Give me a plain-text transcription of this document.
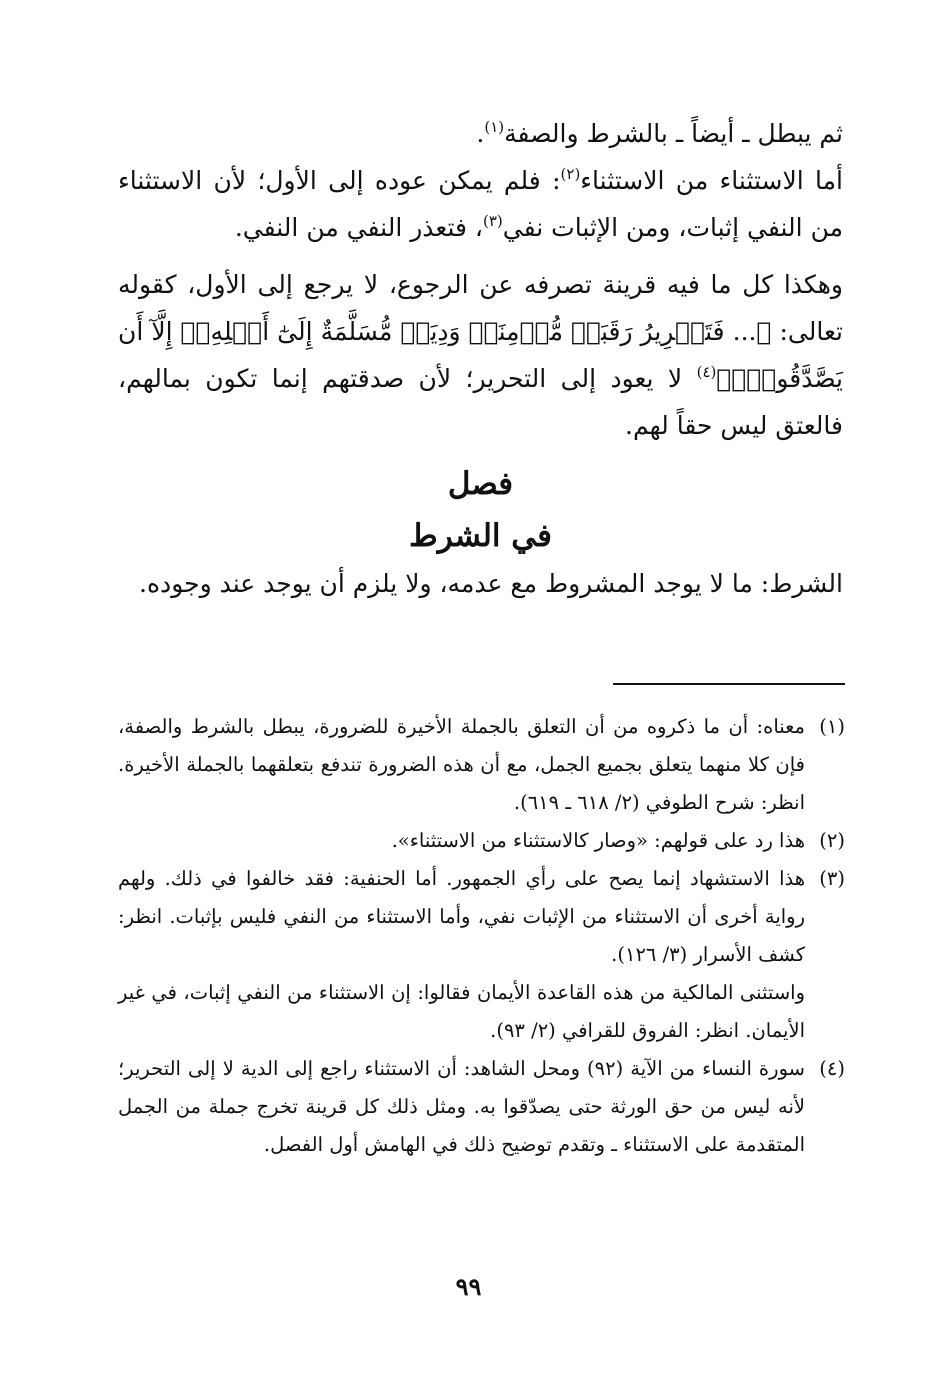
ثم يبطل ـ أيضاً ـ بالشرط والصفة$^{(١)}$.

أما الاستثناء من الاستثناء$^{(٢)}$: فلم يمكن عوده إلى الأول؛ لأن الاستثناء من النفي إثبات، ومن الإثبات نفي$^{(٣)}$، فتعذر النفي من النفي.

وهكذا كل ما فيه قرينة تصرفه عن الرجوع، لا يرجع إلى الأول، كقوله تعالى: ﴿... فَتَحۡرِيرُ رَقَبَةٖ مُّؤۡمِنَةٖ وَدِيَةٞ مُّسَلَّمَةٌ إِلَىٰٓ أَهۡلِهِۦٓ إِلَّآ أَن يَصَّدَّقُواْۚ﴾$^{(٤)}$ لا يعود إلى التحرير؛ لأن صدقتهم إنما تكون بمالهم، فالعتق ليس حقاً لهم.

فصل
في الشرط

الشرط: ما لا يوجد المشروط مع عدمه، ولا يلزم أن يوجد عند وجوده.

(١)
معناه: أن ما ذكروه من أن التعلق بالجملة الأخيرة للضرورة، يبطل بالشرط والصفة، فإن كلا منهما يتعلق بجميع الجمل، مع أن هذه الضرورة تندفع بتعلقهما بالجملة الأخيرة. انظر: شرح الطوفي (٢/ ٦١٨ ـ ٦١٩).
(٢)
هذا رد على قولهم: «وصار كالاستثناء من الاستثناء».
(٣)
هذا الاستشهاد إنما يصح على رأي الجمهور. أما الحنفية: فقد خالفوا في ذلك. ولهم رواية أخرى أن الاستثناء من الإثبات نفي، وأما الاستثناء من النفي فليس بإثبات. انظر: كشف الأسرار (٣/ ١٢٦).

واستثنى المالكية من هذه القاعدة الأيمان فقالوا: إن الاستثناء من النفي إثبات، في غير الأيمان. انظر: الفروق للقرافي (٢/ ٩٣).

(٤)
سورة النساء من الآية (٩٢) ومحل الشاهد: أن الاستثناء راجع إلى الدية لا إلى التحرير؛ لأنه ليس من حق الورثة حتى يصدّقوا به. ومثل ذلك كل قرينة تخرج جملة من الجمل المتقدمة على الاستثناء ـ وتقدم توضيح ذلك في الهامش أول الفصل.
٩٩
